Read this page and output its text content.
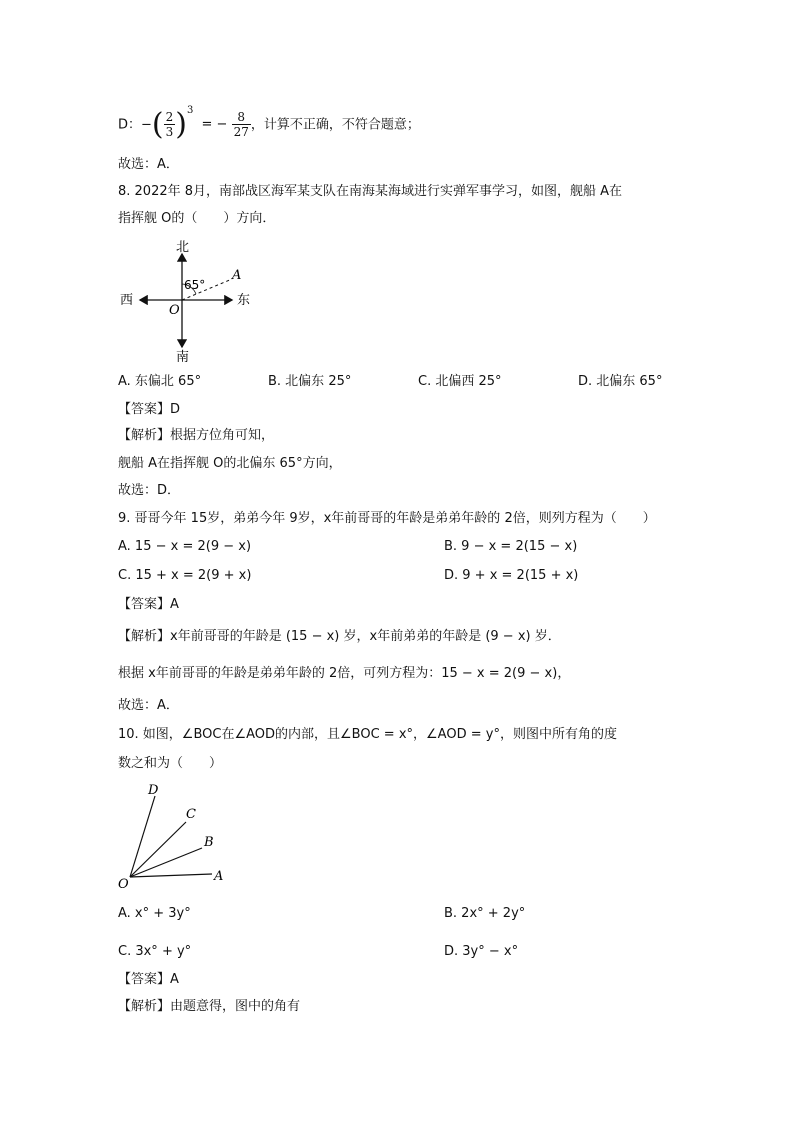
D：−( $\frac{2}{3} )^3$ = − $\frac{8}{27}$ ，计算不正确，不符合题意；
故选：A．
8. 2022年 8月，南部战区海军某支队在南海某海域进行实弹军事学习，如图，舰船 A在
指挥舰 O的（　　）方向．
北
南
西	东
O
A
65°
A. 东偏北 65°	B. 北偏东 25°	C. 北偏西 25°	D. 北偏东 65°
【答案】D
【解析】根据方位角可知，
舰船 A在指挥舰 O的北偏东 65°方向，
故选：D．
9. 哥哥今年 15岁，弟弟今年 9岁，x年前哥哥的年龄是弟弟年龄的 2倍，则列方程为（　　）
A. 15 − x = 2(9 − x)	B. 9 − x = 2(15 − x)
C. 15 + x = 2(9 + x)	D. 9 + x = 2(15 + x)
【答案】A
【解析】x年前哥哥的年龄是 (15 − x) 岁，x年前弟弟的年龄是 (9 − x) 岁．
根据 x年前哥哥的年龄是弟弟年龄的 2倍，可列方程为：15 − x = 2(9 − x)，
故选：A．
10. 如图，∠BOC在∠AOD的内部，且∠BOC = x°，∠AOD = y°，则图中所有角的度
数之和为（　　）
D
C
B
A
O
A. x° + 3y°	B. 2x° + 2y°
C. 3x° + y°	D. 3y° − x°
【答案】A
【解析】由题意得，图中的角有
